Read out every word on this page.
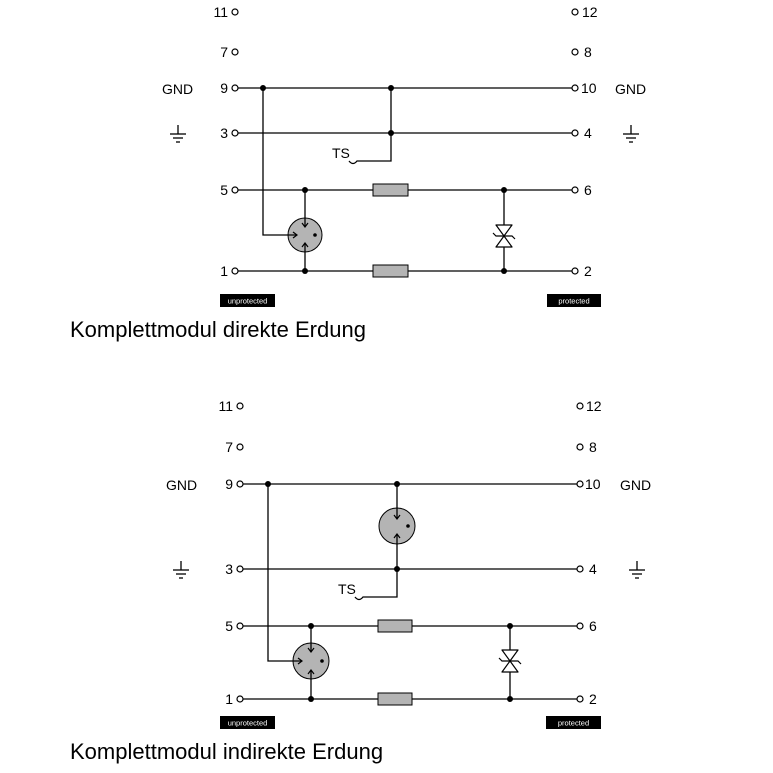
11
7
9
3
5
1
12
8
10
4
6
2
GND	GND
TS
unprotected	protected
Komplettmodul direkte Erdung
11
7
9
3
5
1
12
8
10
4
6
2
GND	GND
TS
unprotected	protected
Komplettmodul indirekte Erdung
